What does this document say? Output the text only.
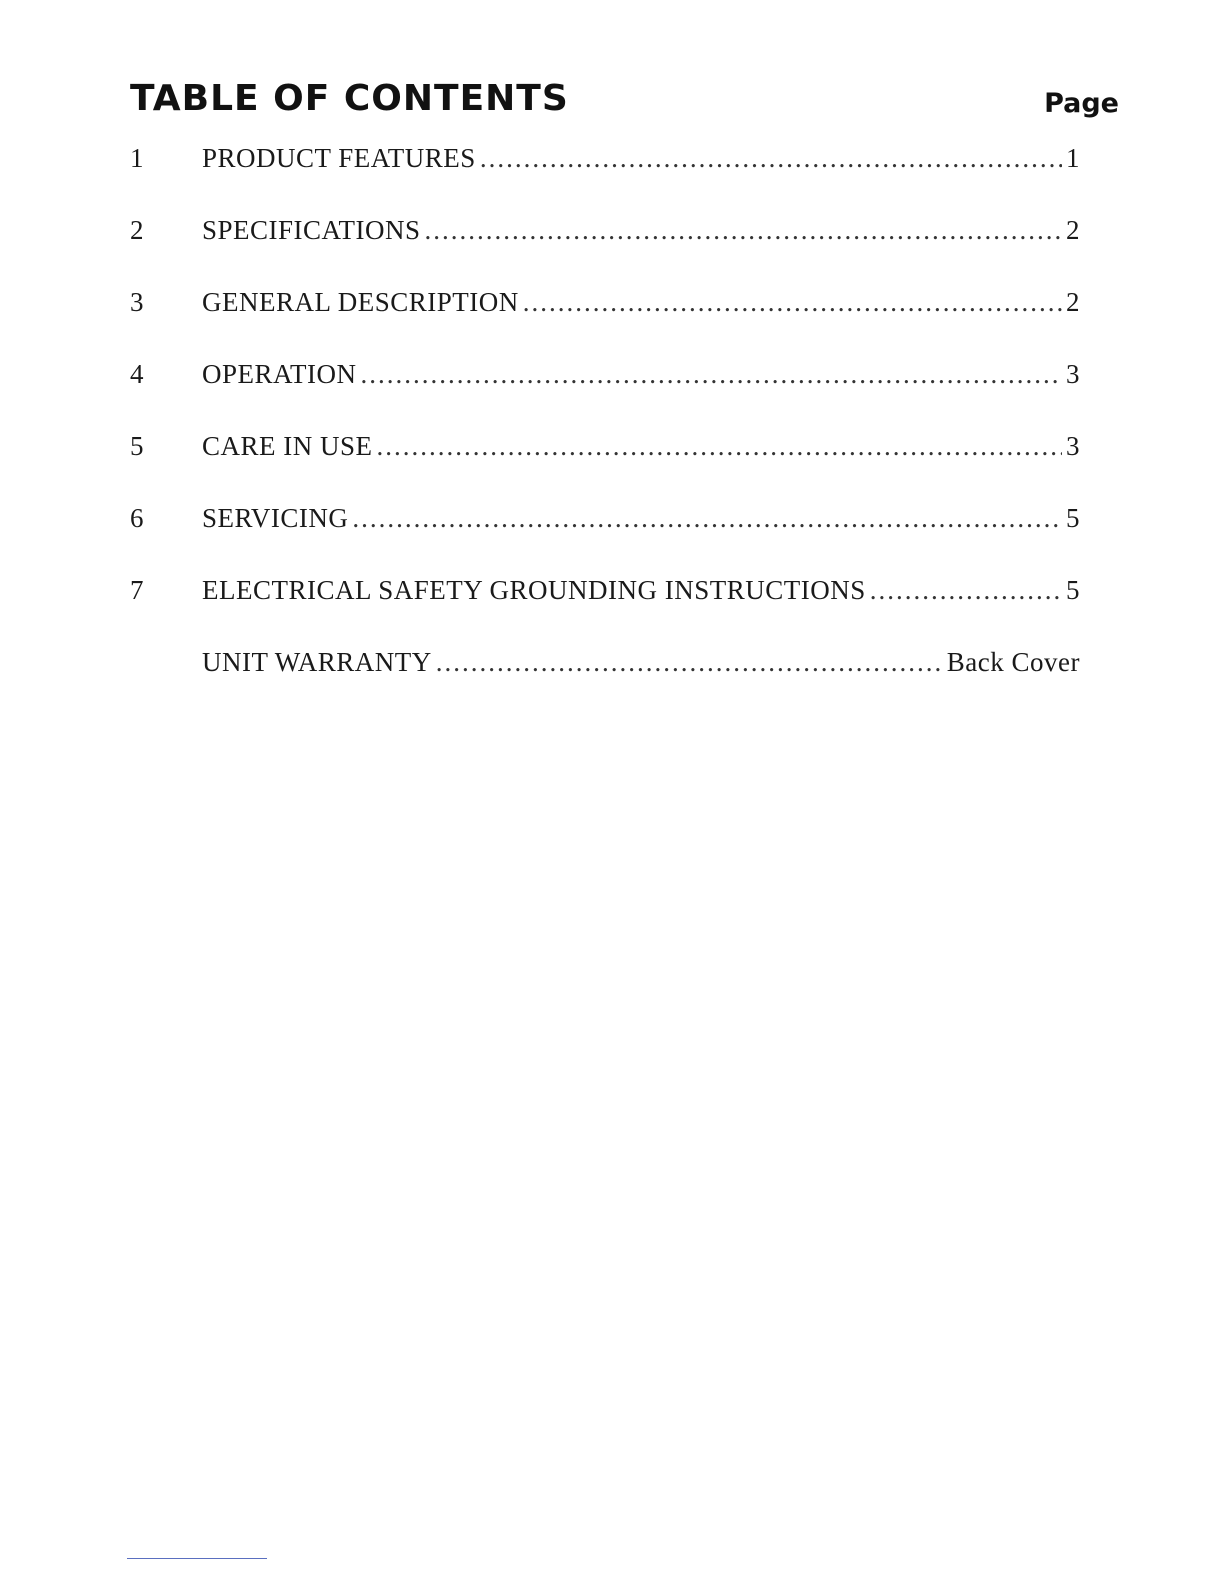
TABLE OF CONTENTS	Page
1	PRODUCT FEATURES .....	1
2	SPECIFICATIONS .....	2
3	GENERAL DESCRIPTION .....	2
4	OPERATION .....	3
5	CARE IN USE .....	3
6	SERVICING .....	5
7	ELECTRICAL SAFETY GROUNDING INSTRUCTIONS .....	5
UNIT WARRANTY .....	Back Cover
